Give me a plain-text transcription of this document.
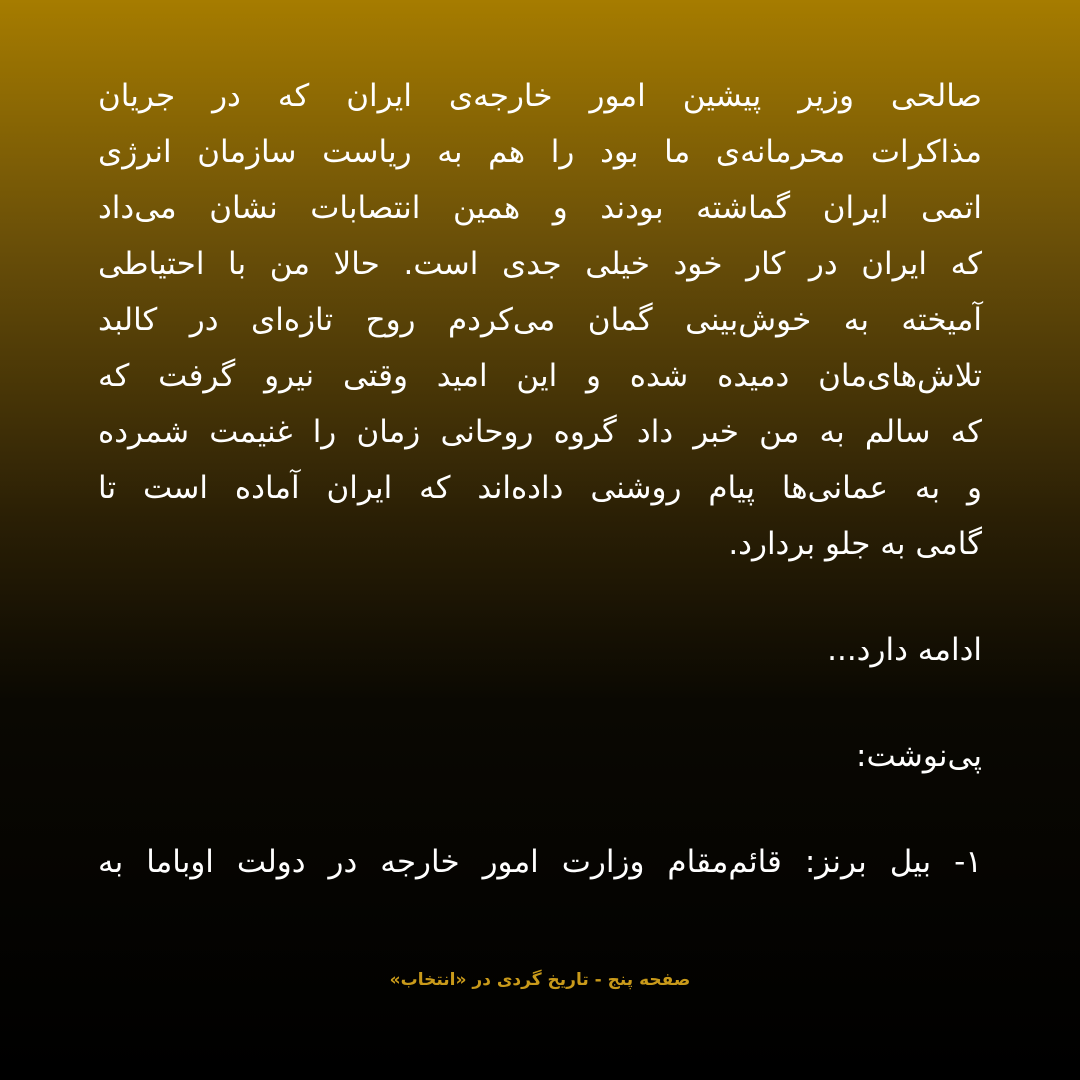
صالحی وزیر پیشین امور خارجه‌ی ایران که در جریان
مذاکرات محرمانه‌ی ما بود را هم به ریاست سازمان انرژی
اتمی ایران گماشته بودند و همین انتصابات نشان می‌داد
که ایران در کار خود خیلی جدی است. حالا من با احتیاطی
آمیخته به خوش‌بینی گمان می‌کردم روح تازه‌ای در کالبد
تلاش‌های‌مان دمیده شده و این امید وقتی نیرو گرفت که
که سالم به من خبر داد گروه روحانی زمان را غنیمت شمرده
و به عمانی‌ها پیام روشنی داده‌اند که ایران آماده است تا
گامی به جلو بردارد.
ادامه دارد...
پی‌نوشت:
۱- بیل برنز: قائم‌مقام وزارت امور خارجه در دولت اوباما به
صفحه پنج - تاریخ گردی در «انتخاب»
